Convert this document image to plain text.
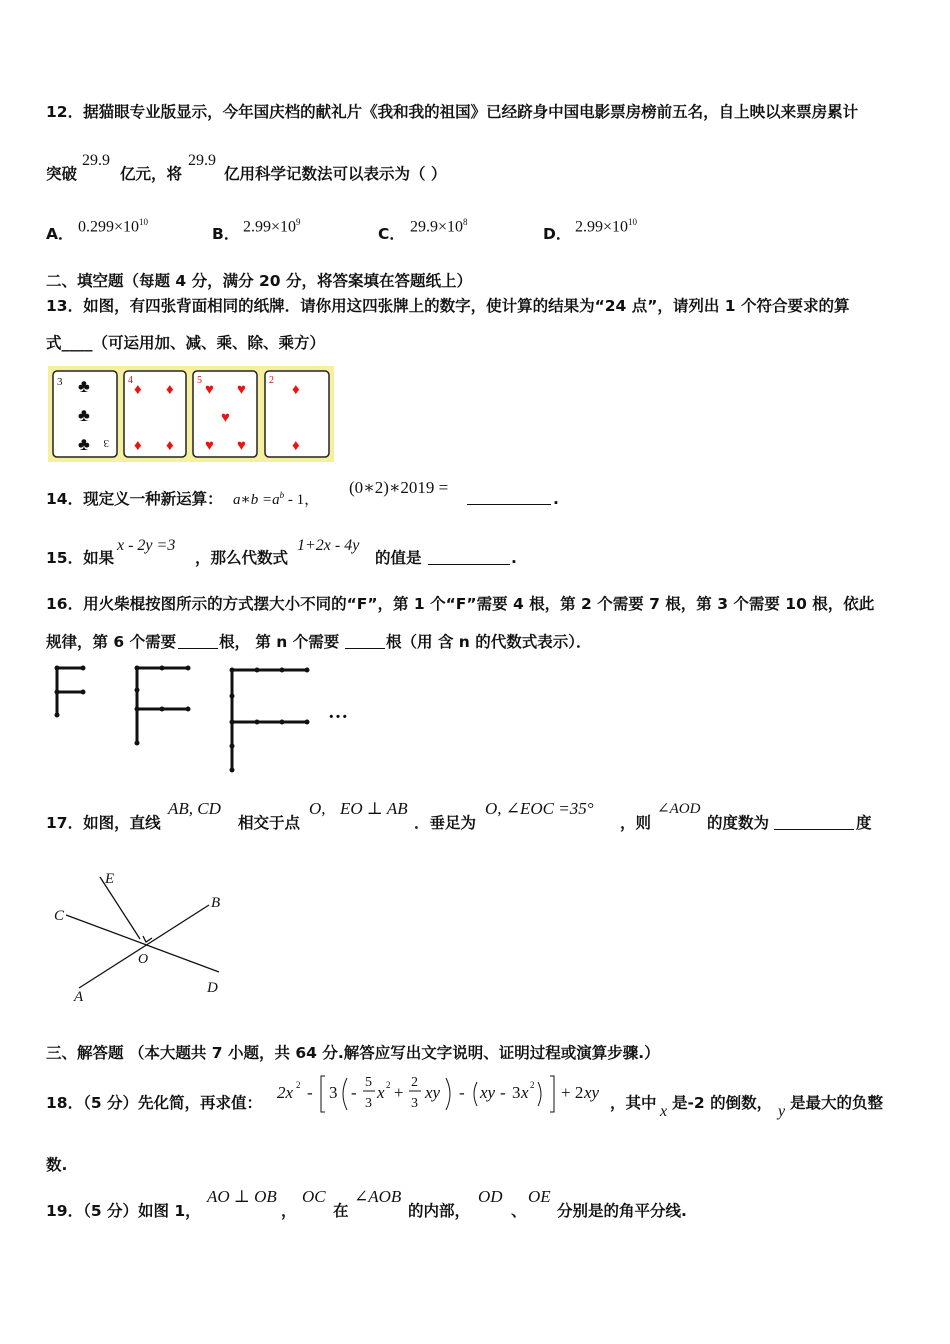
12．据猫眼专业版显示，今年国庆档的献礼片《我和我的祖国》已经跻身中国电影票房榜前五名，自上映以来票房累计
突破
29.9
亿元，将
29.9
亿用科学记数法可以表示为（ ）
A． $0.299\times 10^{10}$
B． $2.99\times 10^9$
C． $29.9\times 10^8$
D． $2.99\times 10^{10}$
二、填空题（每题 4 分，满分 20 分，将答案填在答题纸上）
13．如图，有四张背面相同的纸牌．请你用这四张牌上的数字，使计算的结果为“24 点”，请列出 1 个符合要求的算
式____（可运用加、减、乘、除、乘方）
3 ♣
♣
♣ 3
4
♦ ♦
♦ ♦
5
♥ ♥
♥
♥ ♥
2
♦
♦
14．现定义一种新运算： a∗b $=a^b - 1$，
(0∗2)∗2019 =
.
15．如果
x - 2y =3
，那么代数式
1+2x - 4y
的值是	.
16．用火柴棍按图所示的方式摆大小不同的“F”，第 1 个“F”需要 4 根，第 2 个需要 7 根，第 3 个需要 10 根，依此
规律，第 6 个需要	根， 第 n 个需要	根（用 含 n 的代数式表示）．
…
17．如图，直线
AB, CD
相交于点
O, EO ⊥ AB
．垂足为
O, ∠EOC =35°
，则
∠AOD
的度数为	度
E
C
B
O
A
D
三、解答题 （本大题共 7 小题，共 64 分.解答应写出文字说明、证明过程或演算步骤.）
18．（5 分）先化简，再求值：
2x 2 - 3 -
5
3
x 2 +
2
3
xy - xy - 3 x 2 + 2 xy
2x² - [3(- 5/3 x² + 2/3 xy) - (xy - 3x²)] + 2xy
，其中 x 是-2 的倒数， y 是最大的负整
数.
19．（5 分）如图 1，
AO ⊥ OB
，
OC
在
∠AOB
的内部，
OD
、
OE
分别是的角平分线.
